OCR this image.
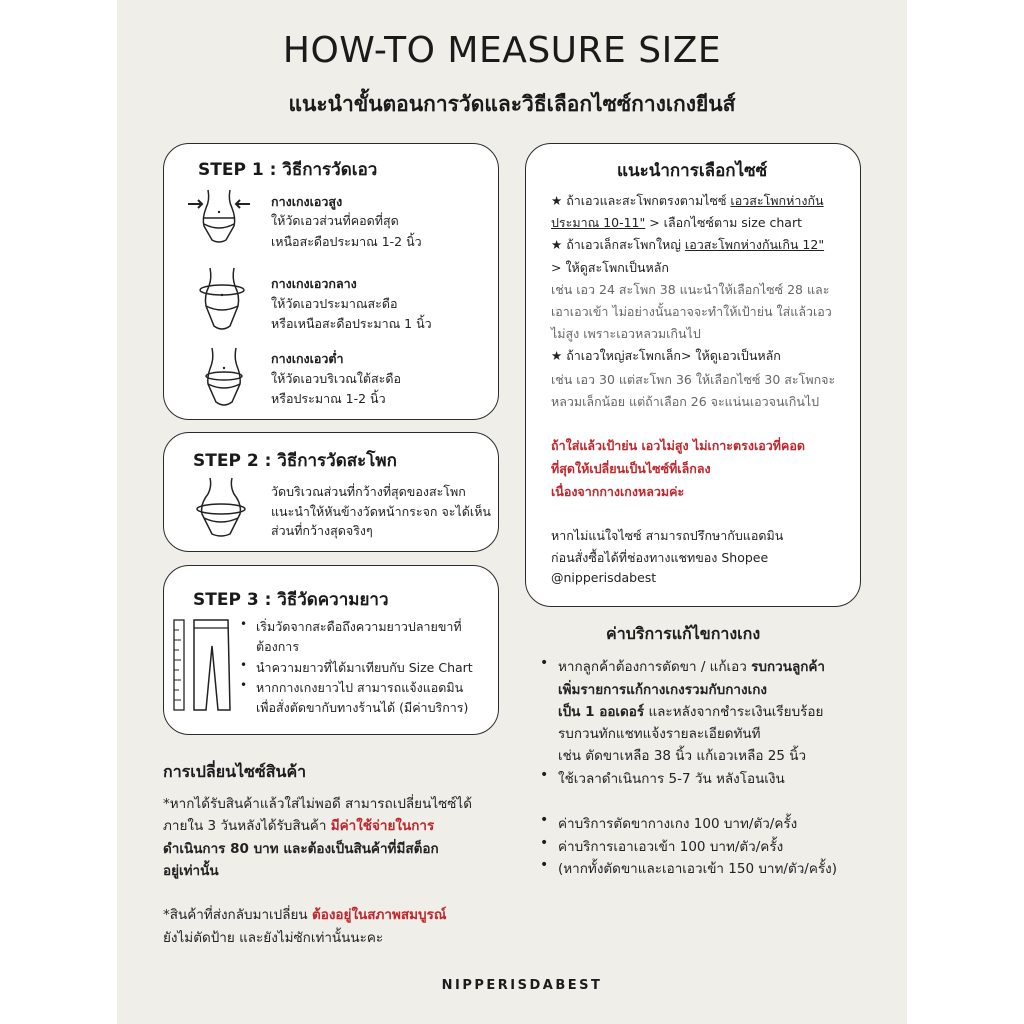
HOW-TO MEASURE SIZE
แนะนำขั้นตอนการวัดและวิธีเลือกไซซ์กางเกงยีนส์
STEP 1 : วิธีการวัดเอว
กางเกงเอวสูง
ให้วัดเอวส่วนที่คอดที่สุด
เหนือสะดือประมาณ 1-2 นิ้ว
กางเกงเอวกลาง
ให้วัดเอวประมาณสะดือ
หรือเหนือสะดือประมาณ 1 นิ้ว
กางเกงเอวต่ำ
ให้วัดเอวบริเวณใต้สะดือ
หรือประมาณ 1-2 นิ้ว
STEP 2 : วิธีการวัดสะโพก
วัดบริเวณส่วนที่กว้างที่สุดของสะโพก
แนะนำให้หันข้างวัดหน้ากระจก จะได้เห็น
ส่วนที่กว้างสุดจริงๆ
STEP 3 : วิธีวัดความยาว
• เริ่มวัดจากสะดือถึงความยาวปลายขาที่
ต้องการ
• นำความยาวที่ได้มาเทียบกับ Size Chart
• หากกางเกงยาวไป สามารถแจ้งแอดมิน
เพื่อสั่งตัดขากับทางร้านได้ (มีค่าบริการ)
การเปลี่ยนไซซ์สินค้า
*หากได้รับสินค้าแล้วใส่ไม่พอดี สามารถเปลี่ยนไซซ์ได้
ภายใน 3 วันหลังได้รับสินค้า มีค่าใช้จ่ายในการ
ดำเนินการ 80 บาท และต้องเป็นสินค้าที่มีสต็อก
อยู่เท่านั้น
*สินค้าที่ส่งกลับมาเปลี่ยน ต้องอยู่ในสภาพสมบูรณ์
ยังไม่ตัดป้าย และยังไม่ซักเท่านั้นนะคะ
แนะนำการเลือกไซซ์
★ ถ้าเอวและสะโพกตรงตามไซซ์ เอวสะโพกห่างกัน
ประมาณ 10-11" > เลือกไซซ์ตาม size chart
★ ถ้าเอวเล็กสะโพกใหญ่ เอวสะโพกห่างกันเกิน 12"
> ให้ดูสะโพกเป็นหลัก
เช่น เอว 24 สะโพก 38 แนะนำให้เลือกไซซ์ 28 และ
เอาเอวเข้า ไม่อย่างนั้นอาจจะทำให้เป้าย่น ใส่แล้วเอว
ไม่สูง เพราะเอวหลวมเกินไป
★ ถ้าเอวใหญ่สะโพกเล็ก> ให้ดูเอวเป็นหลัก
เช่น เอว 30 แต่สะโพก 36 ให้เลือกไซซ์ 30 สะโพกจะ
หลวมเล็กน้อย แต่ถ้าเลือก 26 จะแน่นเอวจนเกินไป
ถ้าใส่แล้วเป้าย่น เอวไม่สูง ไม่เกาะตรงเอวที่คอด
ที่สุดให้เปลี่ยนเป็นไซซ์ที่เล็กลง
เนื่องจากกางเกงหลวมค่ะ
หากไม่แน่ใจไซซ์ สามารถปรึกษากับแอดมิน
ก่อนสั่งซื้อได้ที่ช่องทางแชทของ Shopee
@nipperisdabest
ค่าบริการแก้ไขกางเกง
• หากลูกค้าต้องการตัดขา / แก้เอว รบกวนลูกค้า
เพิ่มรายการแก้กางเกงรวมกับกางเกง
เป็น 1 ออเดอร์ และหลังจากชำระเงินเรียบร้อย
รบกวนทักแชทแจ้งรายละเอียดทันที
เช่น ตัดขาเหลือ 38 นิ้ว แก้เอวเหลือ 25 นิ้ว
• ใช้เวลาดำเนินการ 5-7 วัน หลังโอนเงิน
• ค่าบริการตัดขากางเกง 100 บาท/ตัว/ครั้ง
• ค่าบริการเอาเอวเข้า 100 บาท/ตัว/ครั้ง
• (หากทั้งตัดขาและเอาเอวเข้า 150 บาท/ตัว/ครั้ง)
NIPPERISDABEST
